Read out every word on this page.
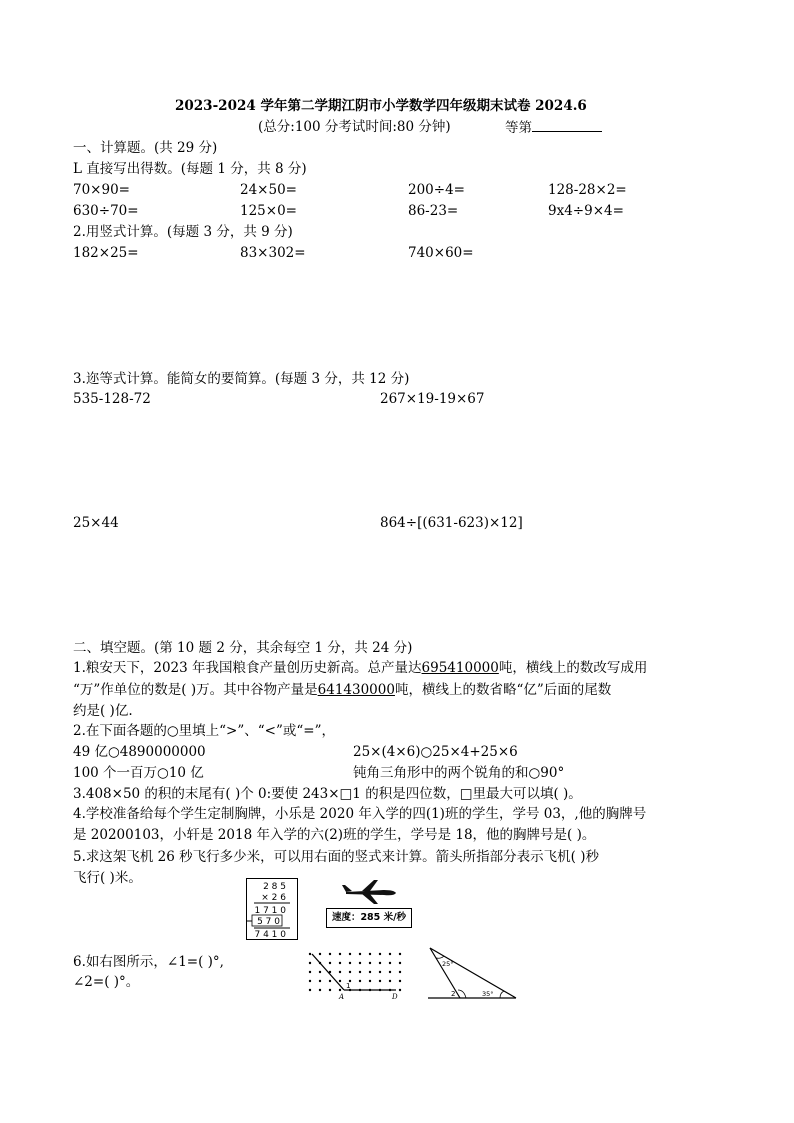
2023-2024 学年第二学期江阴市小学数学四年级期末试卷 2024.6
(总分:100 分考试时间:80 分钟)	等第
一、计算题。(共 29 分)
L 直接写出得数。(每题 1 分，共 8 分)
70×90=	24×50=	200÷4=	128-28×2=
630÷70=	125×0=	86-23=	9x4÷9×4=
2.用竖式计算。(每题 3 分，共 9 分)
182×25=	83×302=	740×60=
3.迩等式计算。能简女的要简算。(每题 3 分，共 12 分)
535-128-72	267×19-19×67
25×44	864÷[(631-623)×12]
二、填空题。(第 10 题 2 分，其余每空 1 分，共 24 分)
1.粮安天下，2023 年我国粮食产量创历史新高。总产量达695410000吨，横线上的数改写成用
“万”作单位的数是( )万。其中谷物产量是641430000吨，横线上的数省略“亿”后面的尾数
约是( )亿.
2.在下面各题的○里填上“>”、“<”或“=”，
49 亿○4890000000	25×(4×6)○25×4+25×6
100 个一百万○10 亿	钝角三角形中的两个锐角的和○90°
3.408×50 的积的末尾有( )个 0:要使 243×□1 的积是四位数，□里最大可以填( )。
4.学校准备给每个学生定制胸牌，小乐是 2020 年入学的四(1)班的学生，学号 03，,他的胸牌号
是 20200103，小轩是 2018 年入学的六(2)班的学生，学号是 18，他的胸牌号是( )。
5.求这架飞机 26 秒飞行多少米，可以用右面的竖式来计算。箭头所指部分表示飞机( )秒
飞行( )米。
2 8 5
× 2 6
1 7 1 0
5 7 0
7 4 1 0
速度：285 米/秒
6.如右图所示，∠1=( )°,
∠2=( )°。	1
A	D	2
25°
35°
